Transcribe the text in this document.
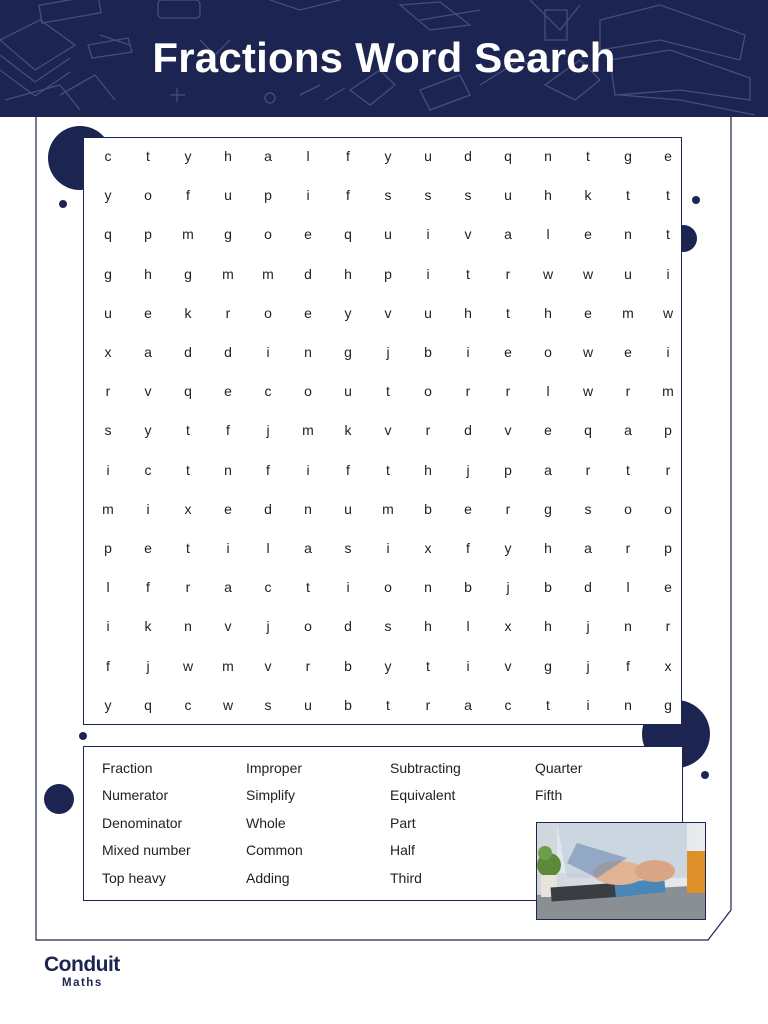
Fractions Word Search
c	t	y	h	a	l	f	y	u	d	q	n	t	g	e
y	o	f	u	p	i	f	s	s	s	u	h	k	t	t
q	p	m	g	o	e	q	u	i	v	a	l	e	n	t
g	h	g	m	m	d	h	p	i	t	r	w	w	u	i
u	e	k	r	o	e	y	v	u	h	t	h	e	m	w
x	a	d	d	i	n	g	j	b	i	e	o	w	e	i
r	v	q	e	c	o	u	t	o	r	r	l	w	r	m
s	y	t	f	j	m	k	v	r	d	v	e	q	a	p
i	c	t	n	f	i	f	t	h	j	p	a	r	t	r
m	i	x	e	d	n	u	m	b	e	r	g	s	o	o
p	e	t	i	l	a	s	i	x	f	y	h	a	r	p
l	f	r	a	c	t	i	o	n	b	j	b	d	l	e
i	k	n	v	j	o	d	s	h	l	x	h	j	n	r
f	j	w	m	v	r	b	y	t	i	v	g	j	f	x
y	q	c	w	s	u	b	t	r	a	c	t	i	n	g
Fraction
Numerator
Denominator
Mixed number
Top heavy
Improper
Simplify
Whole
Common
Adding
Subtracting
Equivalent
Part
Half
Third
Quarter
Fifth
Conduit
Maths
